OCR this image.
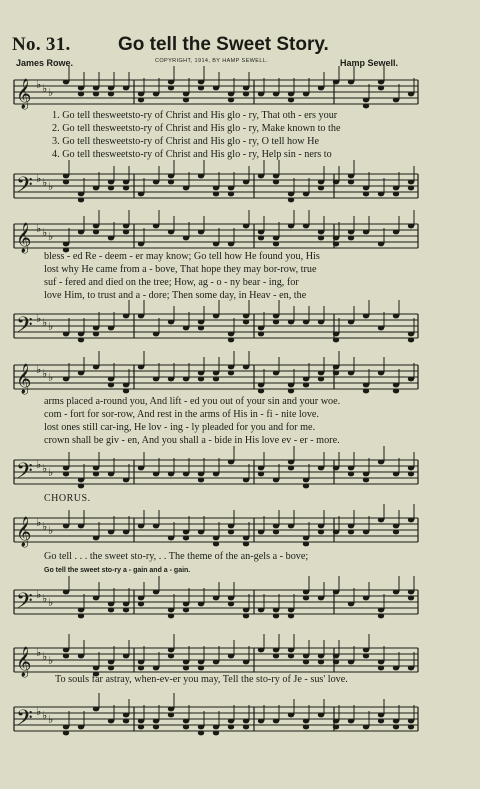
No. 31. Go tell the Sweet Story.
James Rowe.	COPYRIGHT, 1914, BY HAMP SEWELL.	Hamp Sewell.
𝄞 ♭ ♭ ♭
1. Go tell thesweetsto-ry of Christ and His glo - ry, That oth - ers your
2. Go tell thesweetsto-ry of Christ and His glo - ry, Make known to the
3. Go tell thesweetsto-ry of Christ and His glo - ry, O tell how He
4. Go tell thesweetsto-ry of Christ and His glo - ry, Help sin - ners to
𝄢 ♭ ♭ ♭
𝄞 ♭ ♭ ♭
bless - ed Re - deem - er may know; Go tell how He found you, His
lost why He came from a - bove, That hope they may bor-row, true
suf - fered and died on the tree; How, ag - o - ny bear - ing, for
love Him, to trust and a - dore; Then some day, in Heav - en, the
𝄢 ♭ ♭ ♭
𝄞 ♭ ♭ ♭
arms placed a-round you, And lift - ed you out of your sin and your woe.
com - fort for sor-row, And rest in the arms of His in - fi - nite love.
lost ones still car-ing, He lov - ing - ly pleaded for you and for me.
crown shall be giv - en, And you shall a - bide in His love ev - er - more.
𝄢 ♭ ♭ ♭
CHORUS.
𝄞 ♭ ♭ ♭
Go tell . . . the sweet sto-ry, . . The theme of the an-gels a - bove;
Go tell the sweet sto-ry a - gain and a - gain.
𝄢 ♭ ♭ ♭
𝄞 ♭ ♭ ♭
To souls far astray, when-ev-er you may, Tell the sto-ry of Je - sus' love.
𝄢 ♭ ♭ ♭
